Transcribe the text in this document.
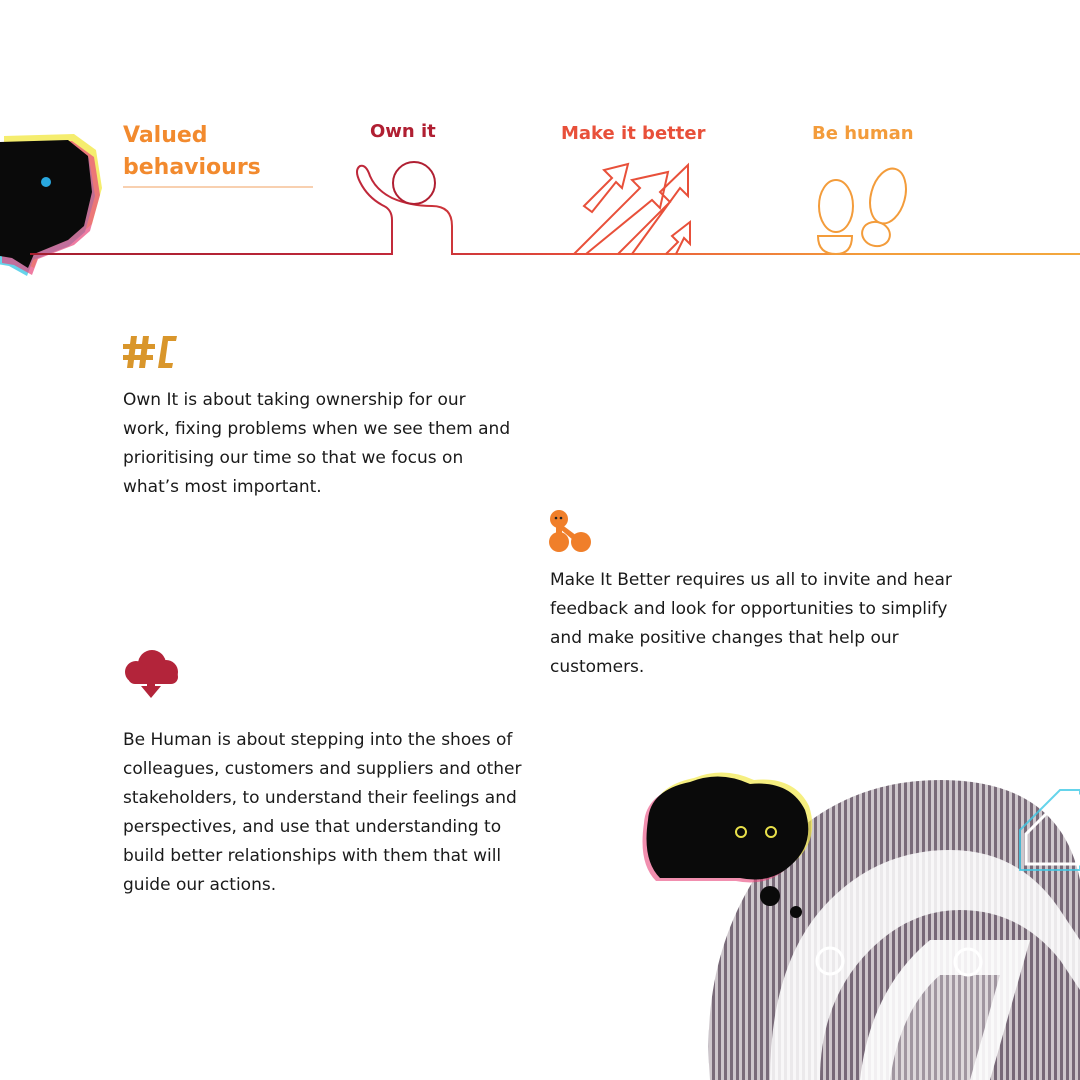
Valued
behaviours
Own it	Make it better	Be human
Own It is about taking ownership for our work, fixing problems when we see them and prioritising our time so that we focus on what’s most important.
Make It Better requires us all to invite and hear feedback and look for opportunities to simplify and make positive changes that help our customers.
Be Human is about stepping into the shoes of colleagues, customers and suppliers and other stakeholders, to understand their feelings and perspectives, and use that understanding to build better relationships with them that will guide our actions.
